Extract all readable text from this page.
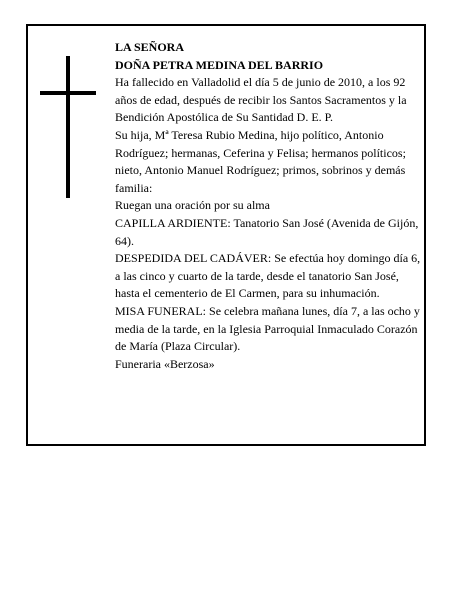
LA SEÑORA

DOÑA PETRA MEDINA DEL BARRIO

Ha fallecido en Valladolid el día 5 de junio de 2010, a los 92 años de edad, después de recibir los Santos Sacramentos y la Bendición Apostólica de Su Santidad D. E. P.

Su hija, Mª Teresa Rubio Medina, hijo político, Antonio Rodríguez; hermanas, Ceferina y Felisa; hermanos políticos; nieto, Antonio Manuel Rodríguez; primos, sobrinos y demás familia:

Ruegan una oración por su alma

CAPILLA ARDIENTE: Tanatorio San José (Avenida de Gijón, 64).

DESPEDIDA DEL CADÁVER: Se efectúa hoy domingo día 6, a las cinco y cuarto de la tarde, desde el tanatorio San José, hasta el cementerio de El Carmen, para su inhumación.

MISA FUNERAL: Se celebra mañana lunes, día 7, a las ocho y media de la tarde, en la Iglesia Parroquial Inmaculado Corazón de María (Plaza Circular).

Funeraria «Berzosa»
